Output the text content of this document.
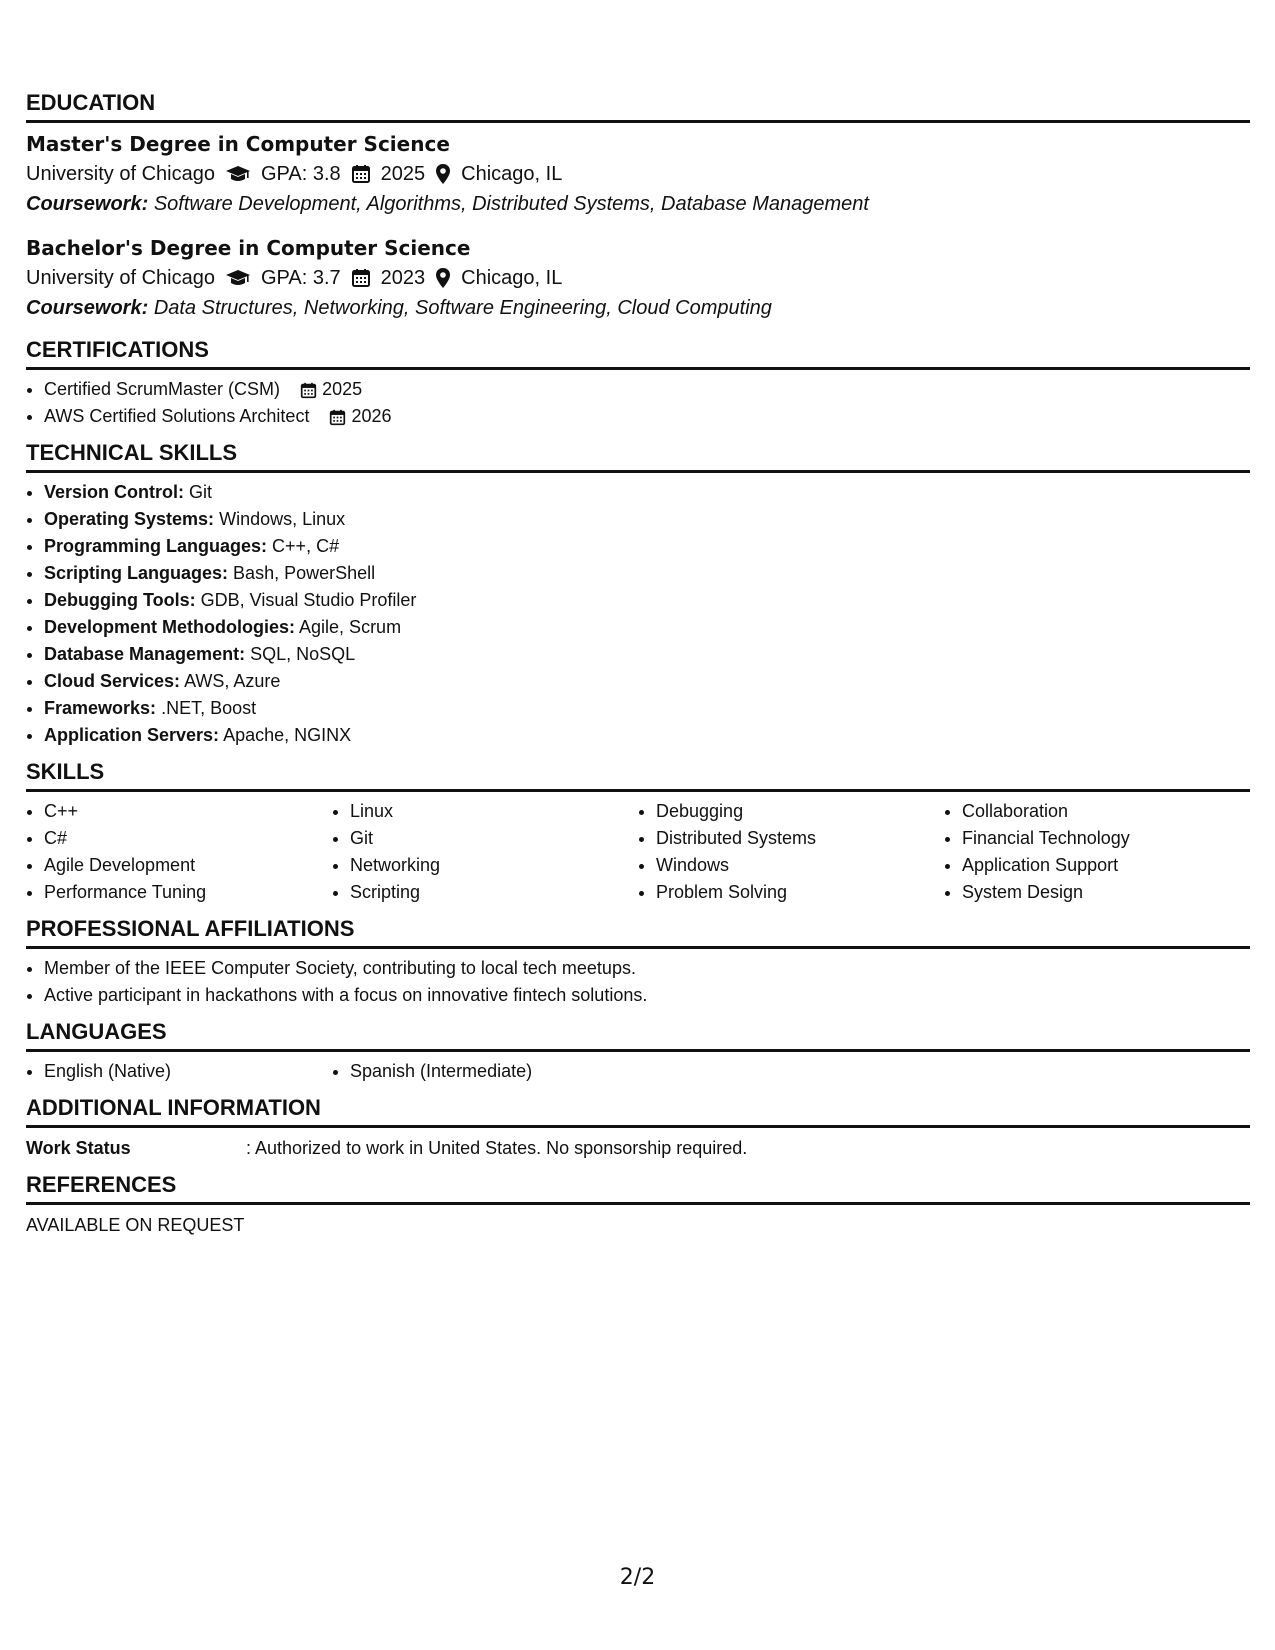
EDUCATION
Master's Degree in Computer Science
University of Chicago GPA: 3.8 2025 Chicago, IL
Coursework: Software Development, Algorithms, Distributed Systems, Database Management
Bachelor's Degree in Computer Science
University of Chicago GPA: 3.7 2023 Chicago, IL
Coursework: Data Structures, Networking, Software Engineering, Cloud Computing
CERTIFICATIONS
• Certified ScrumMaster (CSM) 2025
• AWS Certified Solutions Architect 2026
TECHNICAL SKILLS
• Version Control: Git
• Operating Systems: Windows, Linux
• Programming Languages: C++, C#
• Scripting Languages: Bash, PowerShell
• Debugging Tools: GDB, Visual Studio Profiler
• Development Methodologies: Agile, Scrum
• Database Management: SQL, NoSQL
• Cloud Services: AWS, Azure
• Frameworks: .NET, Boost
• Application Servers: Apache, NGINX
SKILLS
• C++
• C#
• Agile Development
• Performance Tuning
• Linux
• Git
• Networking
• Scripting
• Debugging
• Distributed Systems
• Windows
• Problem Solving
• Collaboration
• Financial Technology
• Application Support
• System Design
PROFESSIONAL AFFILIATIONS
• Member of the IEEE Computer Society, contributing to local tech meetups.
• Active participant in hackathons with a focus on innovative fintech solutions.
LANGUAGES
• English (Native)
•	Spanish (Intermediate)
ADDITIONAL INFORMATION
Work Status	: Authorized to work in United States. No sponsorship required.
REFERENCES
AVAILABLE ON REQUEST
2/2
